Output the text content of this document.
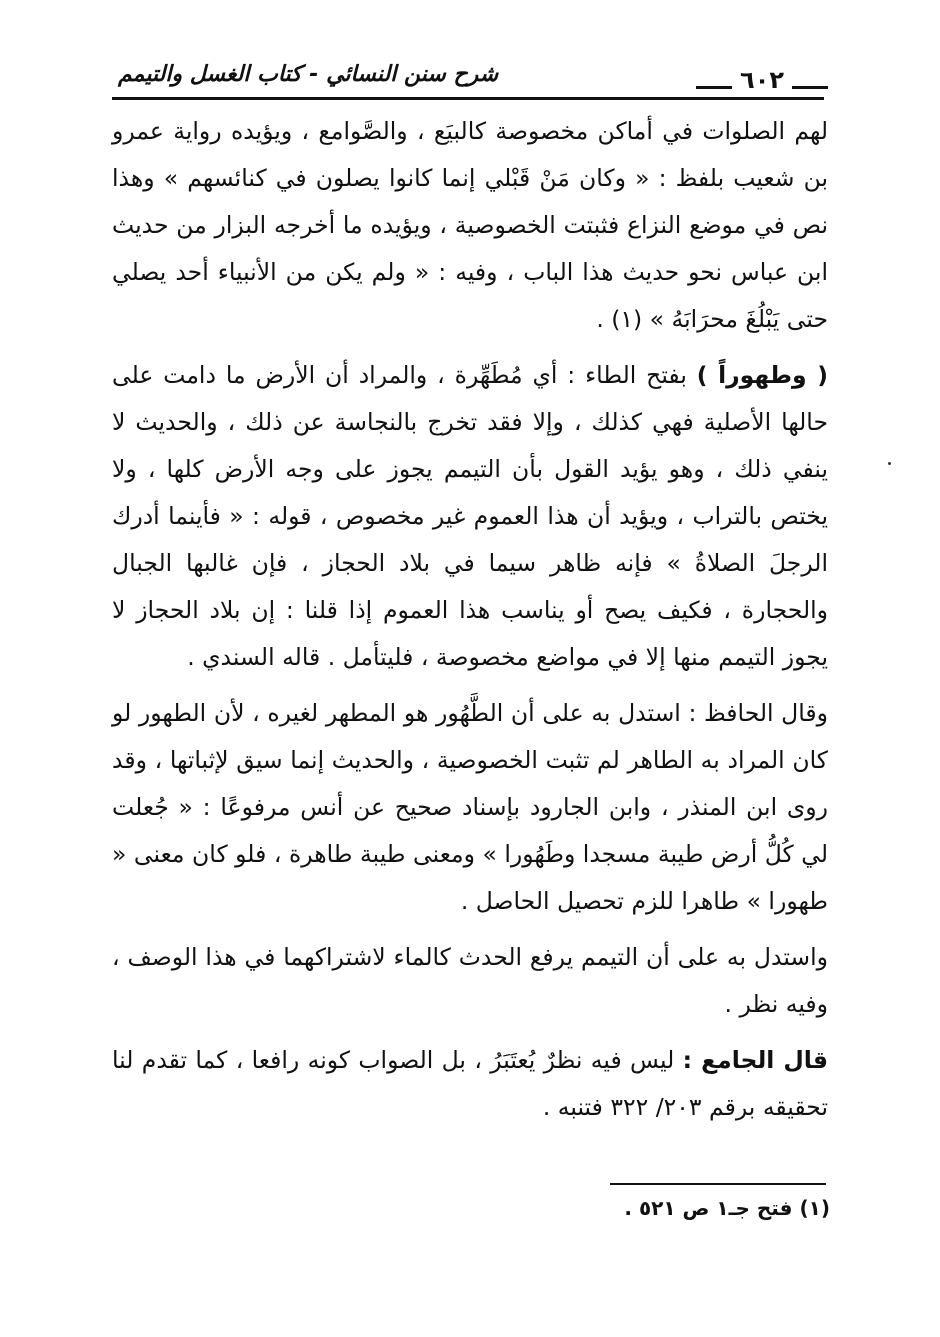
٦٠٢
شرح سنن النسائي - كتاب الغسل والتيمم

لهم الصلوات في أماكن مخصوصة كالبيَع ، والصَّوامع ، ويؤيده رواية عمرو بن شعيب بلفظ : « وكان مَنْ قَبْلي إنما كانوا يصلون في كنائسهم » وهذا نص في موضع النزاع فثبتت الخصوصية ، ويؤيده ما أخرجه البزار من حديث ابن عباس نحو حديث هذا الباب ، وفيه : « ولم يكن من الأنبياء أحد يصلي حتى يَبْلُغَ محرَابَهُ » (١) .

( وطهوراً ) بفتح الطاء : أي مُطَهِّرة ، والمراد أن الأرض ما دامت على حالها الأصلية فهي كذلك ، وإلا فقد تخرج بالنجاسة عن ذلك ، والحديث لا ينفي ذلك ، وهو يؤيد القول بأن التيمم يجوز على وجه الأرض كلها ، ولا يختص بالتراب ، ويؤيد أن هذا العموم غير مخصوص ، قوله : « فأينما أدرك الرجلَ الصلاةُ » فإنه ظاهر سيما في بلاد الحجاز ، فإن غالبها الجبال والحجارة ، فكيف يصح أو يناسب هذا العموم إذا قلنا : إن بلاد الحجاز لا يجوز التيمم منها إلا في مواضع مخصوصة ، فليتأمل . قاله السندي .

وقال الحافظ : استدل به على أن الطَّهُور هو المطهر لغيره ، لأن الطهور لو كان المراد به الطاهر لم تثبت الخصوصية ، والحديث إنما سيق لإثباتها ، وقد روى ابن المنذر ، وابن الجارود بإسناد صحيح عن أنس مرفوعًا : « جُعلت لي كُلُّ أرض طيبة مسجدا وطَهُورا » ومعنى طيبة طاهرة ، فلو كان معنى « طهورا » طاهرا للزم تحصيل الحاصل .

واستدل به على أن التيمم يرفع الحدث كالماء لاشتراكهما في هذا الوصف ، وفيه نظر .

قال الجامع : ليس فيه نظرٌ يُعتَبَرُ ، بل الصواب كونه رافعا ، كما تقدم لنا تحقيقه برقم ٢٠٣/ ٣٢٢ فتنبه .

(١) فتح جـ١ ص ٥٢١ .
